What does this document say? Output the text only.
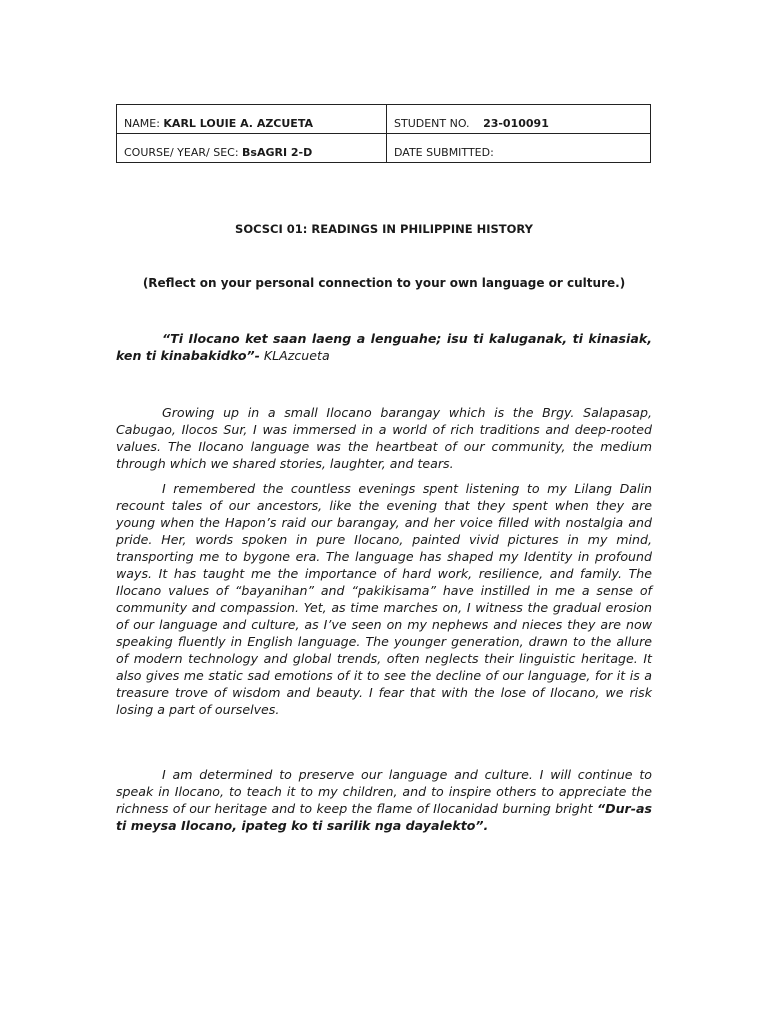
NAME: KARL LOUIE A. AZCUETA	STUDENT NO. 23-010091
COURSE/ YEAR/ SEC: BsAGRI 2-D	DATE SUBMITTED:
SOCSCI 01: READINGS IN PHILIPPINE HISTORY
(Reflect on your personal connection to your own language or culture.)

“Ti Ilocano ket saan laeng a lenguahe; isu ti kaluganak, ti kinasiak, ken ti kinabakidko”- KLAzcueta

Growing up in a small Ilocano barangay which is the Brgy. Salapasap, Cabugao, Ilocos Sur, I was immersed in a world of rich traditions and deep-rooted values. The Ilocano language was the heartbeat of our community, the medium through which we shared stories, laughter, and tears.

I remembered the countless evenings spent listening to my Lilang Dalin recount tales of our ancestors, like the evening that they spent when they are young when the Hapon’s raid our barangay, and her voice filled with nostalgia and pride. Her, words spoken in pure Ilocano, painted vivid pictures in my mind, transporting me to bygone era. The language has shaped my Identity in profound ways. It has taught me the importance of hard work, resilience, and family. The Ilocano values of “bayanihan” and “pakikisama” have instilled in me a sense of community and compassion. Yet, as time marches on, I witness the gradual erosion of our language and culture, as I’ve seen on my nephews and nieces they are now speaking fluently in English language. The younger generation, drawn to the allure of modern technology and global trends, often neglects their linguistic heritage. It also gives me static sad emotions of it to see the decline of our language, for it is a treasure trove of wisdom and beauty. I fear that with the lose of Ilocano, we risk losing a part of ourselves.

I am determined to preserve our language and culture. I will continue to speak in Ilocano, to teach it to my children, and to inspire others to appreciate the richness of our heritage and to keep the flame of Ilocanidad burning bright “Dur-as ti meysa Ilocano, ipateg ko ti sarilik nga dayalekto”.
